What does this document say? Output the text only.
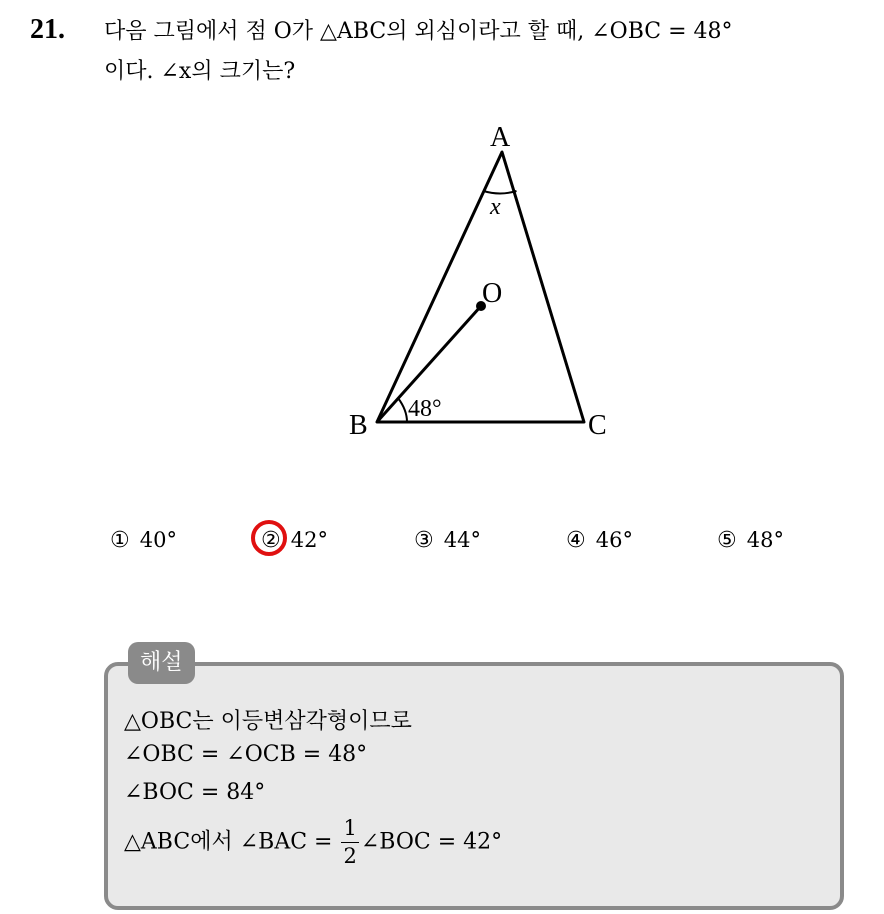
21. 다음 그림에서 점 O가 △ABC의 외심이라고 할 때, ∠OBC = 48°
이다. ∠x의 크기는?
A
x
O
48°
B	C
① 40°	② 42°	③ 44°	④ 46°	⑤ 48°
해설
△OBC는 이등변삼각형이므로
∠OBC = ∠OCB = 48°
∠BOC = 84°
△ABC에서 ∠BAC = $\frac{1}{2}$ ∠BOC = 42°
